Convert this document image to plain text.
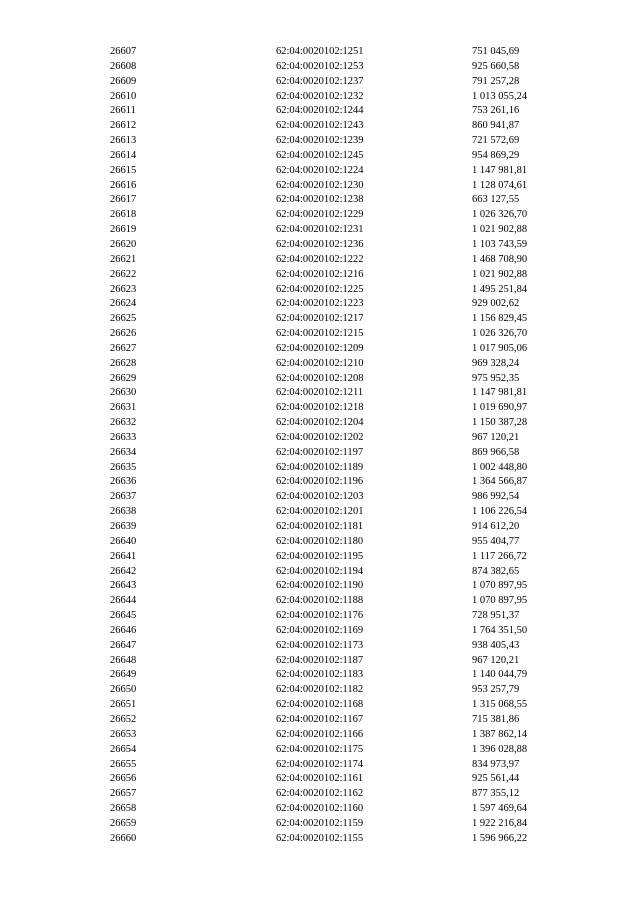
26607	62:04:0020102:1251	751 045,69
26608	62:04:0020102:1253	925 660,58
26609	62:04:0020102:1237	791 257,28
26610	62:04:0020102:1232	1 013 055,24
26611	62:04:0020102:1244	753 261,16
26612	62:04:0020102:1243	860 941,87
26613	62:04:0020102:1239	721 572,69
26614	62:04:0020102:1245	954 869,29
26615	62:04:0020102:1224	1 147 981,81
26616	62:04:0020102:1230	1 128 074,61
26617	62:04:0020102:1238	663 127,55
26618	62:04:0020102:1229	1 026 326,70
26619	62:04:0020102:1231	1 021 902,88
26620	62:04:0020102:1236	1 103 743,59
26621	62:04:0020102:1222	1 468 708,90
26622	62:04:0020102:1216	1 021 902,88
26623	62:04:0020102:1225	1 495 251,84
26624	62:04:0020102:1223	929 002,62
26625	62:04:0020102:1217	1 156 829,45
26626	62:04:0020102:1215	1 026 326,70
26627	62:04:0020102:1209	1 017 905,06
26628	62:04:0020102:1210	969 328,24
26629	62:04:0020102:1208	975 952,35
26630	62:04:0020102:1211	1 147 981,81
26631	62:04:0020102:1218	1 019 690,97
26632	62:04:0020102:1204	1 150 387,28
26633	62:04:0020102:1202	967 120,21
26634	62:04:0020102:1197	869 966,58
26635	62:04:0020102:1189	1 002 448,80
26636	62:04:0020102:1196	1 364 566,87
26637	62:04:0020102:1203	986 992,54
26638	62:04:0020102:1201	1 106 226,54
26639	62:04:0020102:1181	914 612,20
26640	62:04:0020102:1180	955 404,77
26641	62:04:0020102:1195	1 117 266,72
26642	62:04:0020102:1194	874 382,65
26643	62:04:0020102:1190	1 070 897,95
26644	62:04:0020102:1188	1 070 897,95
26645	62:04:0020102:1176	728 951,37
26646	62:04:0020102:1169	1 764 351,50
26647	62:04:0020102:1173	938 405,43
26648	62:04:0020102:1187	967 120,21
26649	62:04:0020102:1183	1 140 044,79
26650	62:04:0020102:1182	953 257,79
26651	62:04:0020102:1168	1 315 068,55
26652	62:04:0020102:1167	715 381,86
26653	62:04:0020102:1166	1 387 862,14
26654	62:04:0020102:1175	1 396 028,88
26655	62:04:0020102:1174	834 973,97
26656	62:04:0020102:1161	925 561,44
26657	62:04:0020102:1162	877 355,12
26658	62:04:0020102:1160	1 597 469,64
26659	62:04:0020102:1159	1 922 216,84
26660	62:04:0020102:1155	1 596 966,22
